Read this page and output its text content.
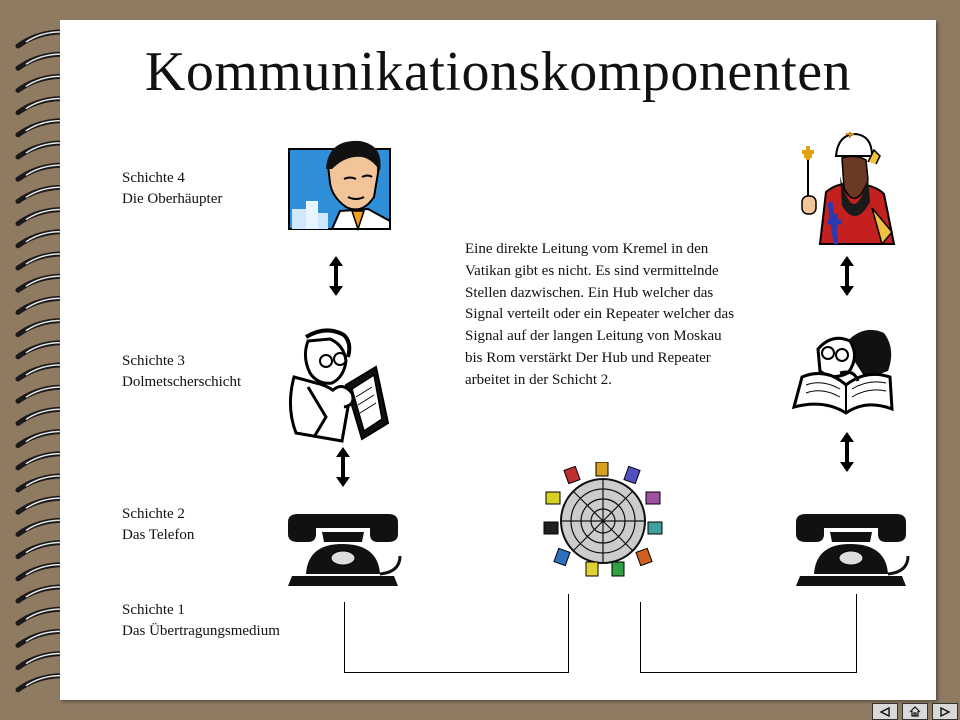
Kommunikationskomponenten
Schichte 4
Die Oberhäupter
Schichte 3
Dolmetscherschicht
Schichte 2
Das Telefon
Schichte 1
Das Übertragungsmedium
Eine direkte Leitung vom Kremel in den Vatikan gibt es nicht. Es sind vermittelnde Stellen dazwischen. Ein Hub welcher das Signal verteilt oder ein Repeater welcher das Signal auf der langen Leitung von Moskau bis Rom verstärkt Der Hub und Repeater arbeitet in der Schicht 2.
